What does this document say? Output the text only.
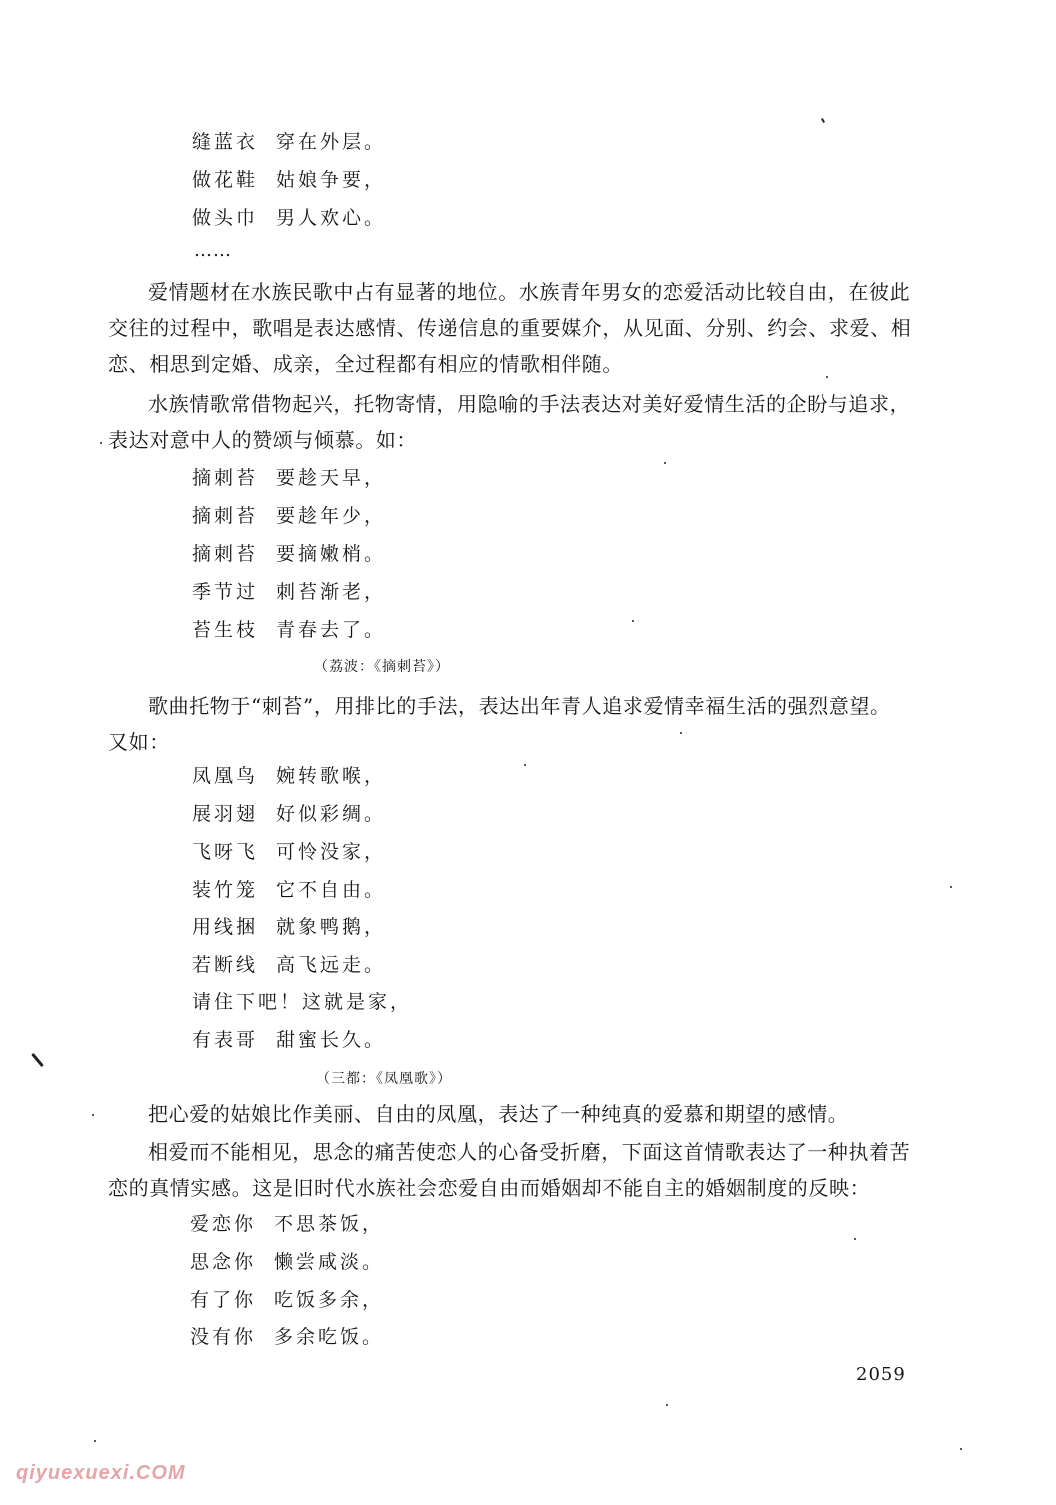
缝蓝衣 穿在外层。
做花鞋 姑娘争要，
做头巾 男人欢心。
……
爱情题材在水族民歌中占有显著的地位。水族青年男女的恋爱活动比较自由，在彼此交往的过程中，歌唱是表达感情、传递信息的重要媒介，从见面、分别、约会、求爱、相恋、相思到定婚、成亲，全过程都有相应的情歌相伴随。
水族情歌常借物起兴，托物寄情，用隐喻的手法表达对美好爱情生活的企盼与追求，表达对意中人的赞颂与倾慕。如：
摘刺苔 要趁天早，
摘刺苔 要趁年少，
摘刺苔 要摘嫩梢。
季节过 刺苔渐老，
苔生枝 青春去了。
（荔波：《摘刺苔》）
歌曲托物于“刺苔”，用排比的手法，表达出年青人追求爱情幸福生活的强烈意望。
又如：
凤凰鸟 婉转歌喉，
展羽翅 好似彩绸。
飞呀飞 可怜没家，
装竹笼 它不自由。
用线捆 就象鸭鹅，
若断线 高飞远走。
请住下吧！这就是家，
有表哥 甜蜜长久。
（三都：《凤凰歌》）
把心爱的姑娘比作美丽、自由的凤凰，表达了一种纯真的爱慕和期望的感情。
相爱而不能相见，思念的痛苦使恋人的心备受折磨，下面这首情歌表达了一种执着苦恋的真情实感。这是旧时代水族社会恋爱自由而婚姻却不能自主的婚姻制度的反映：
爱恋你 不思茶饭，
思念你 懒尝咸淡。
有了你 吃饭多余，
没有你 多余吃饭。
2059
qiyuexuexi.COM
